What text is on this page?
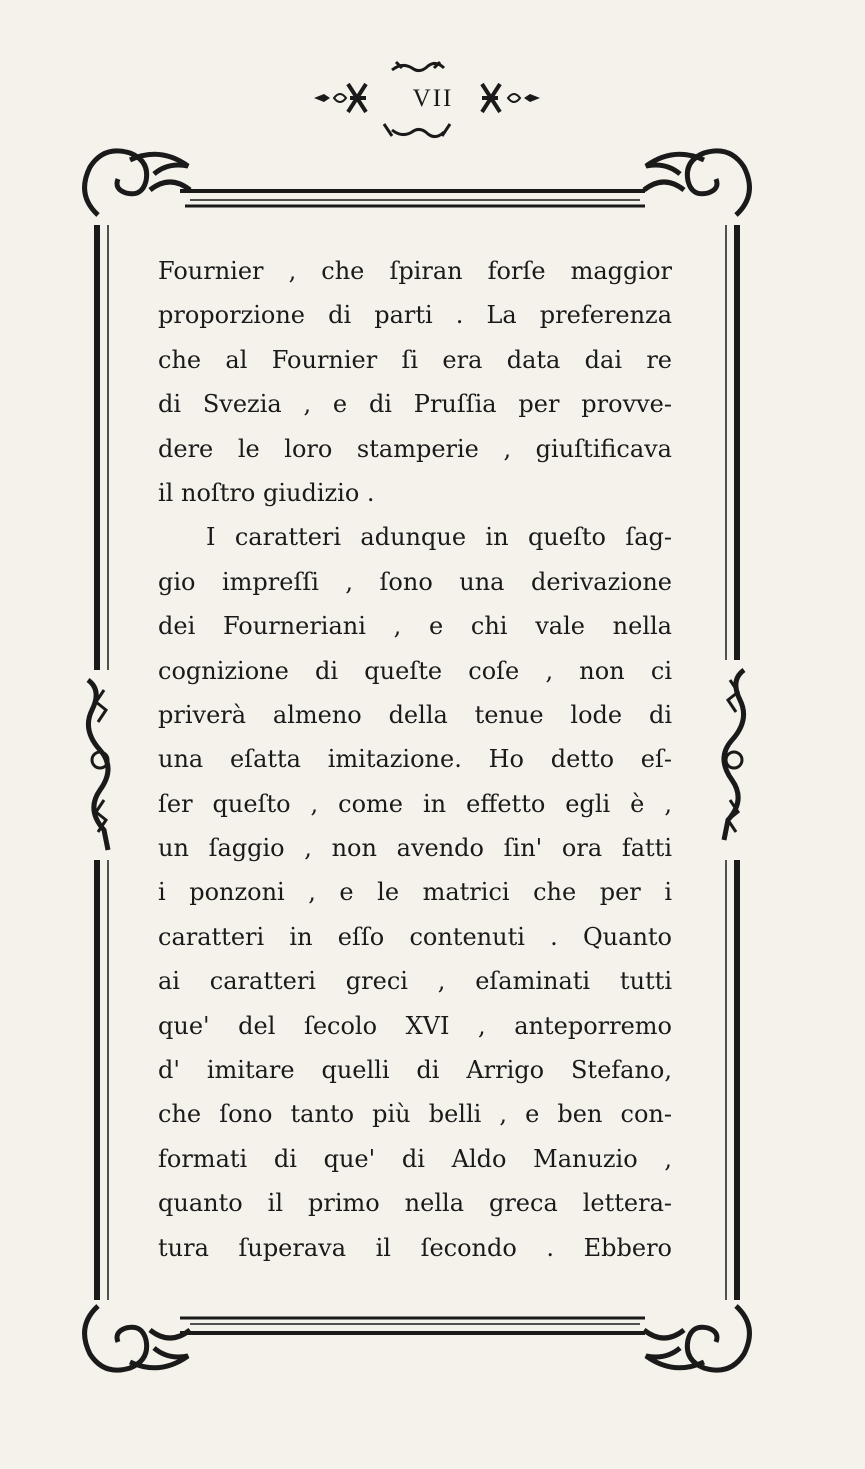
VII
Fournier , che ſpiran forſe maggior
proporzione di parti . La preferenza
che al Fournier ſi era data dai re
di Svezia , e di Pruſſia per provve-
dere le loro stamperie , giuſtificava
il noſtro giudizio .
I caratteri adunque in queſto ſag-
gio impreſſi , ſono una derivazione
dei Fourneriani , e chi vale nella
cognizione di queſte coſe , non ci
priverà almeno della tenue lode di
una eſatta imitazione. Ho detto eſ-
ſer queſto , come in effetto egli è ,
un ſaggio , non avendo ſin' ora fatti
i ponzoni , e le matrici che per i
caratteri in eſſo contenuti . Quanto
ai caratteri greci , eſaminati tutti
que' del ſecolo XVI , anteporremo
d' imitare quelli di Arrigo Stefano,
che ſono tanto più belli , e ben con-
formati di que' di Aldo Manuzio ,
quanto il primo nella greca lettera-
tura ſuperava il ſecondo . Ebbero
